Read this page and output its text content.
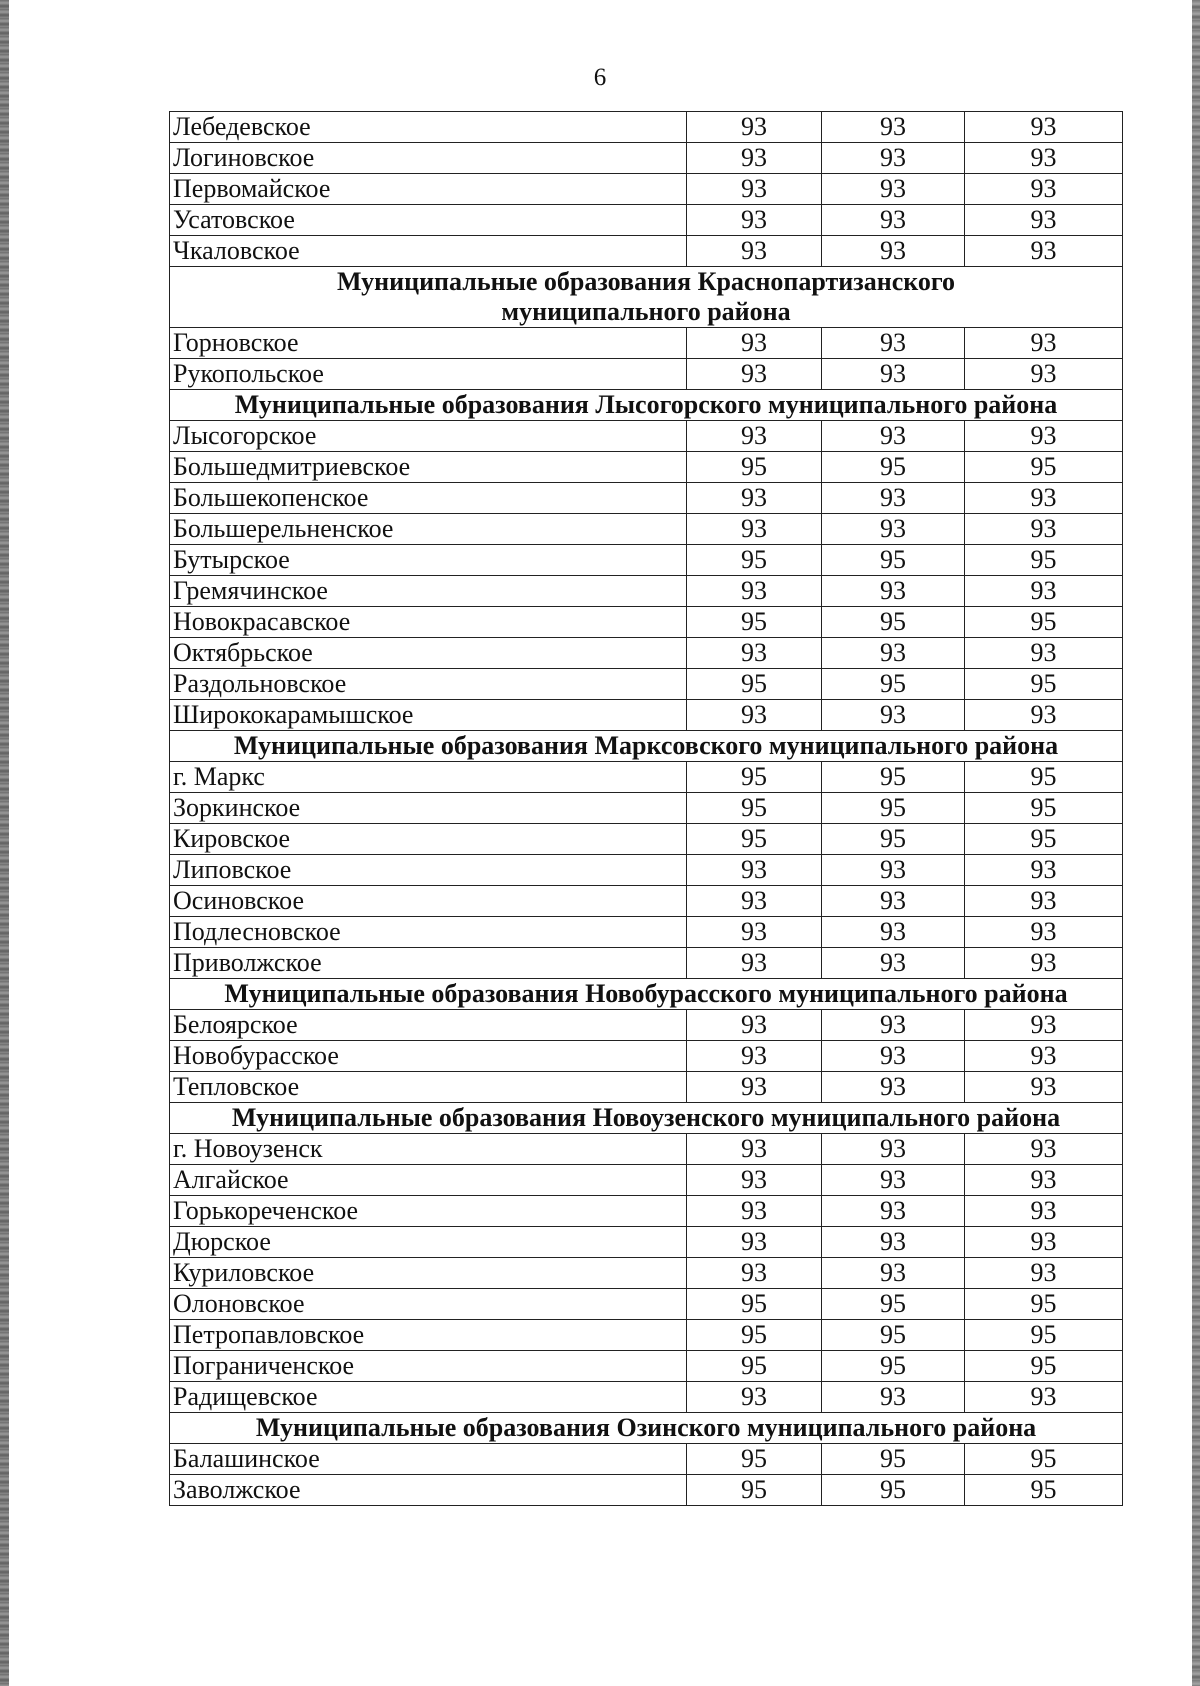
6
Лебедевское	93	93	93
Логиновское	93	93	93
Первомайское	93	93	93
Усатовское	93	93	93
Чкаловское	93	93	93
Муниципальные образования Краснопартизанского муниципального района			
Горновское	93	93	93
Рукопольское	93	93	93
Муниципальные образования Лысогорского муниципального района			
Лысогорское	93	93	93
Большедмитриевское	95	95	95
Большекопенское	93	93	93
Большерельненское	93	93	93
Бутырское	95	95	95
Гремячинское	93	93	93
Новокрасавское	95	95	95
Октябрьское	93	93	93
Раздольновское	95	95	95
Ширококарамышское	93	93	93
Муниципальные образования Марксовского муниципального района			
г. Маркс	95	95	95
Зоркинское	95	95	95
Кировское	95	95	95
Липовское	93	93	93
Осиновское	93	93	93
Подлесновское	93	93	93
Приволжское	93	93	93
Муниципальные образования Новобурасского муниципального района			
Белоярское	93	93	93
Новобурасское	93	93	93
Тепловское	93	93	93
Муниципальные образования Новоузенского муниципального района			
г. Новоузенск	93	93	93
Алгайское	93	93	93
Горькореченское	93	93	93
Дюрское	93	93	93
Куриловское	93	93	93
Олоновское	95	95	95
Петропавловское	95	95	95
Пограниченское	95	95	95
Радищевское	93	93	93
Муниципальные образования Озинского муниципального района			
Балашинское	95	95	95
Заволжское	95	95	95
